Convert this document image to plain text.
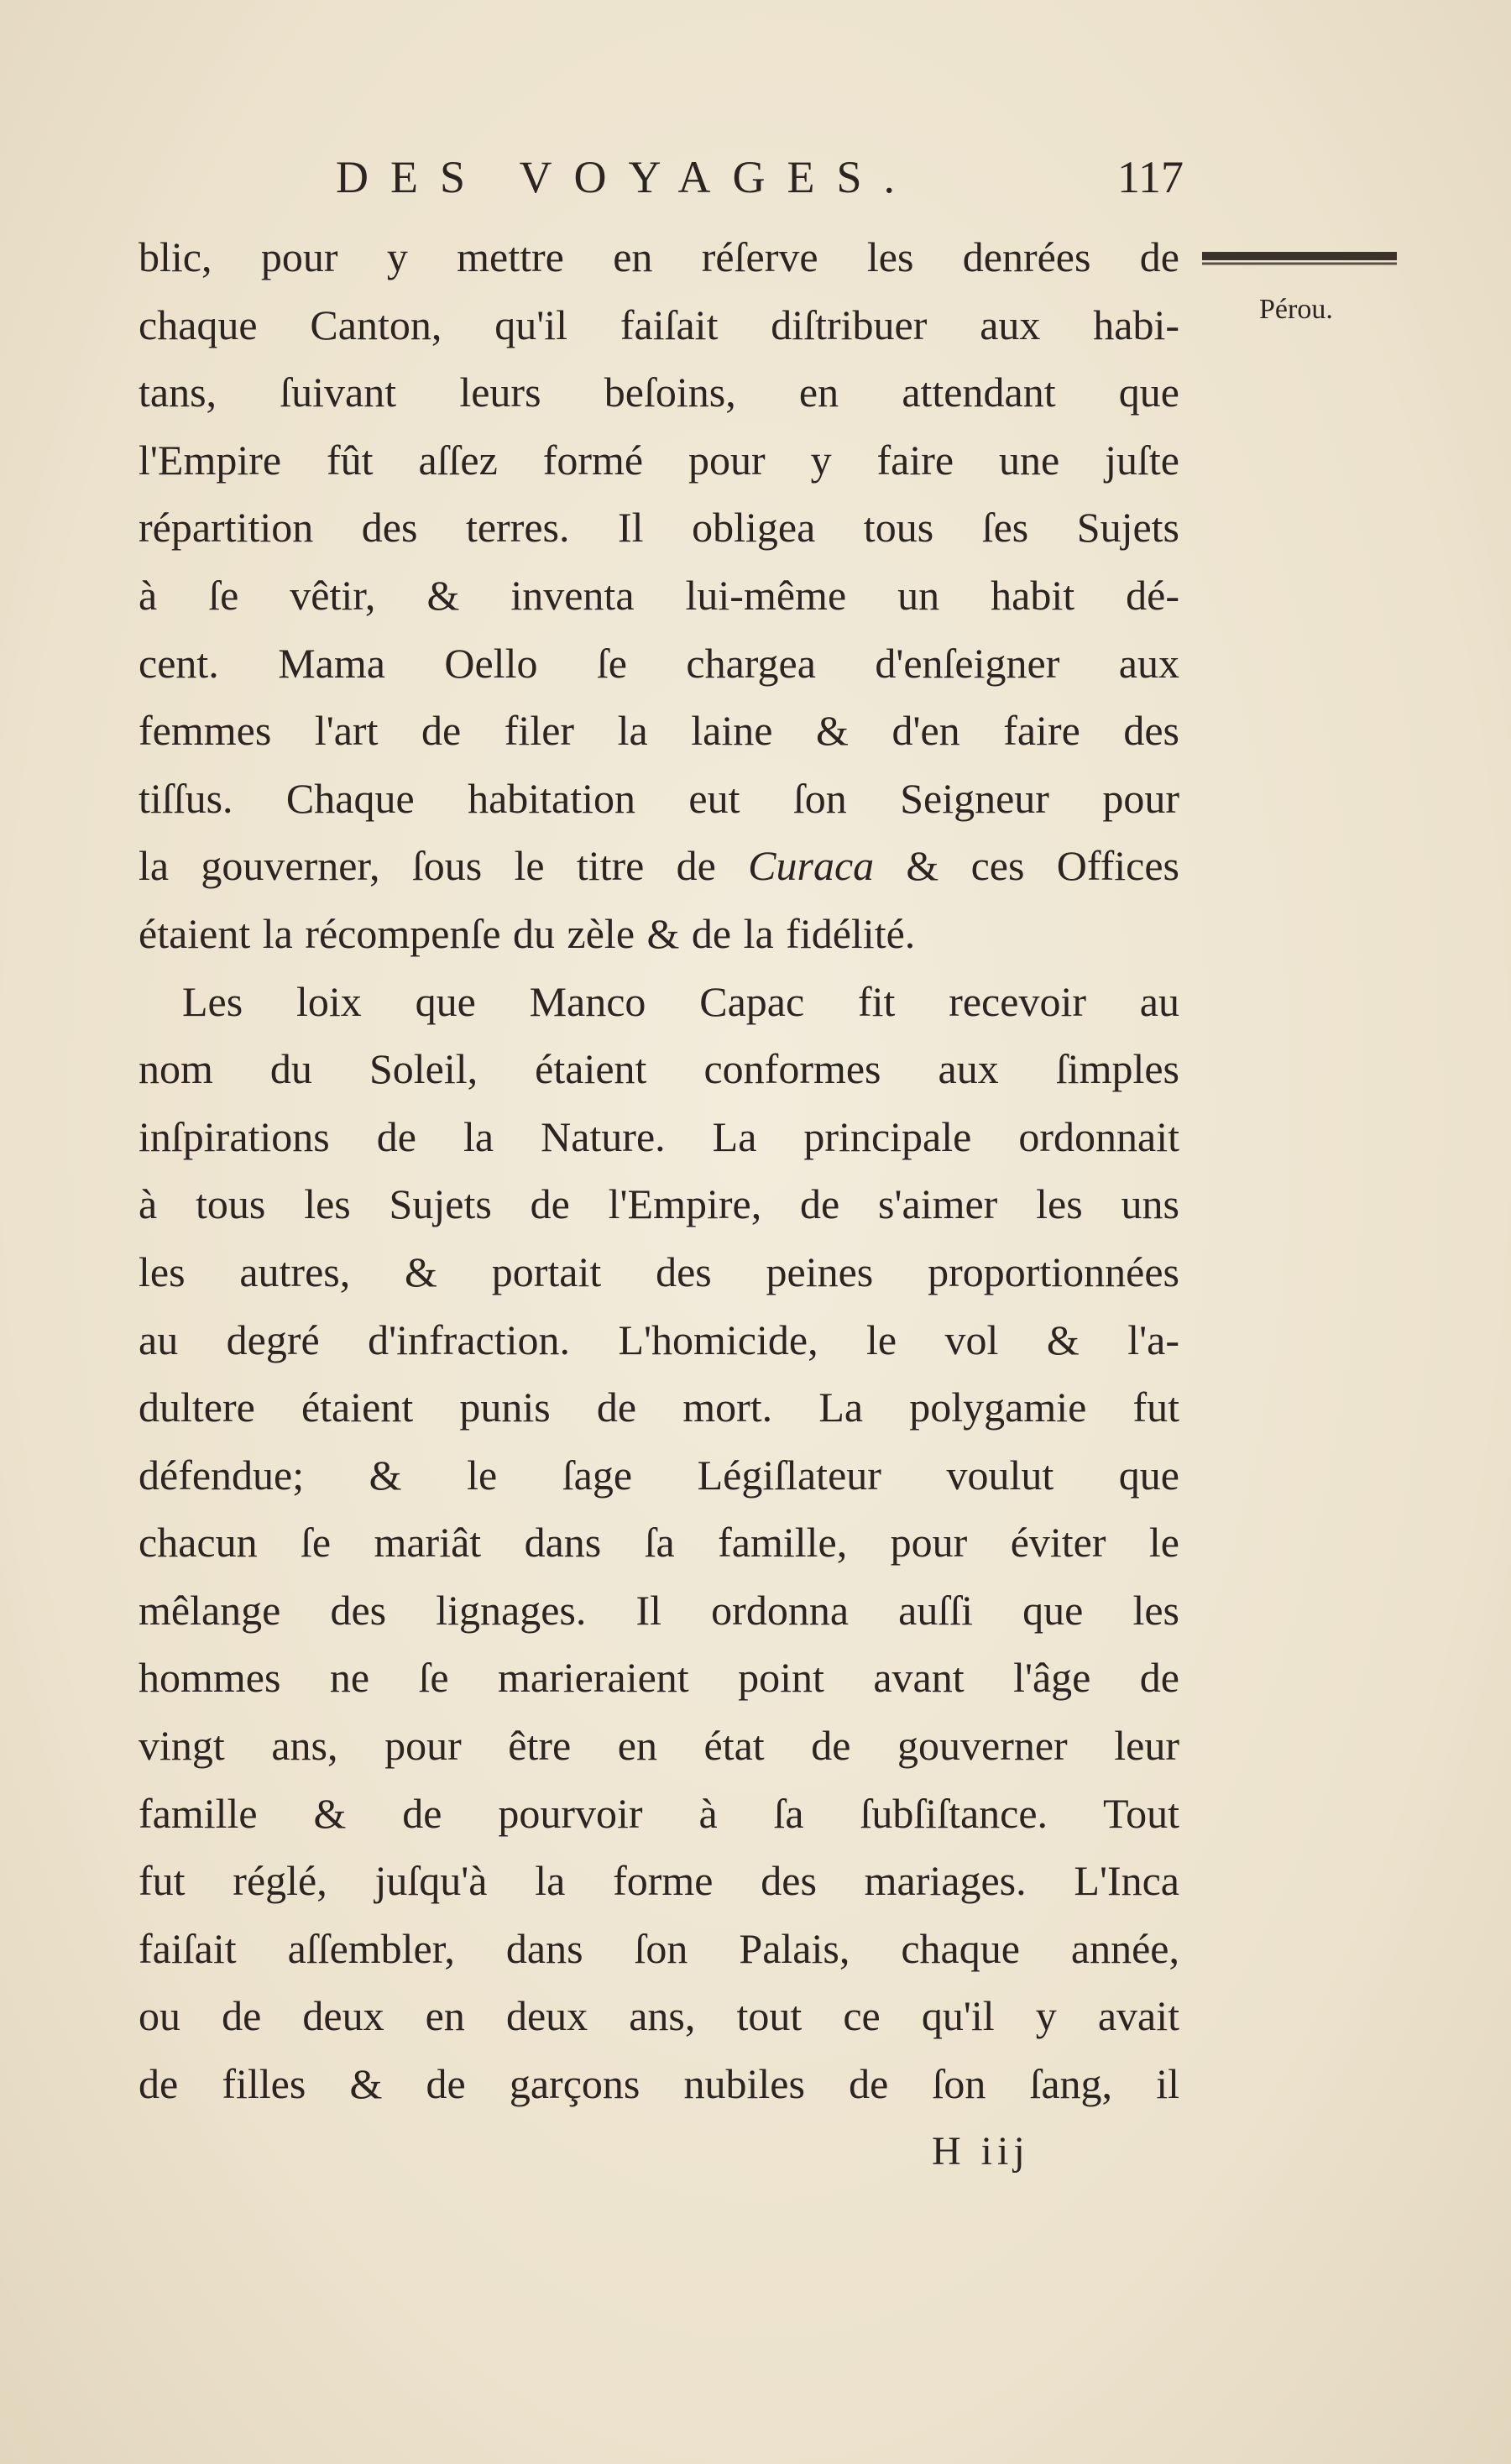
DES VOYAGES.	117
Pérou.
blic, pour y mettre en réſerve les denrées de
chaque Canton, qu'il faiſait diſtribuer aux habi-
tans, ſuivant leurs beſoins, en attendant que
l'Empire fût aſſez formé pour y faire une juſte
répartition des terres. Il obligea tous ſes Sujets
à ſe vêtir, & inventa lui-même un habit dé-
cent. Mama Oello ſe chargea d'enſeigner aux
femmes l'art de filer la laine & d'en faire des
tiſſus. Chaque habitation eut ſon Seigneur pour
la gouverner, ſous le titre de Curaca & ces Offices
étaient la récompenſe du zèle & de la fidélité.
Les loix que Manco Capac fit recevoir au
nom du Soleil, étaient conformes aux ſimples
inſpirations de la Nature. La principale ordonnait
à tous les Sujets de l'Empire, de s'aimer les uns
les autres, & portait des peines proportionnées
au degré d'infraction. L'homicide, le vol & l'a-
dultere étaient punis de mort. La polygamie fut
défendue; & le ſage Légiſlateur voulut que
chacun ſe mariât dans ſa famille, pour éviter le
mêlange des lignages. Il ordonna auſſi que les
hommes ne ſe marieraient point avant l'âge de
vingt ans, pour être en état de gouverner leur
famille & de pourvoir à ſa ſubſiſtance. Tout
fut réglé, juſqu'à la forme des mariages. L'Inca
faiſait aſſembler, dans ſon Palais, chaque année,
ou de deux en deux ans, tout ce qu'il y avait
de filles & de garçons nubiles de ſon ſang, il
H iij
